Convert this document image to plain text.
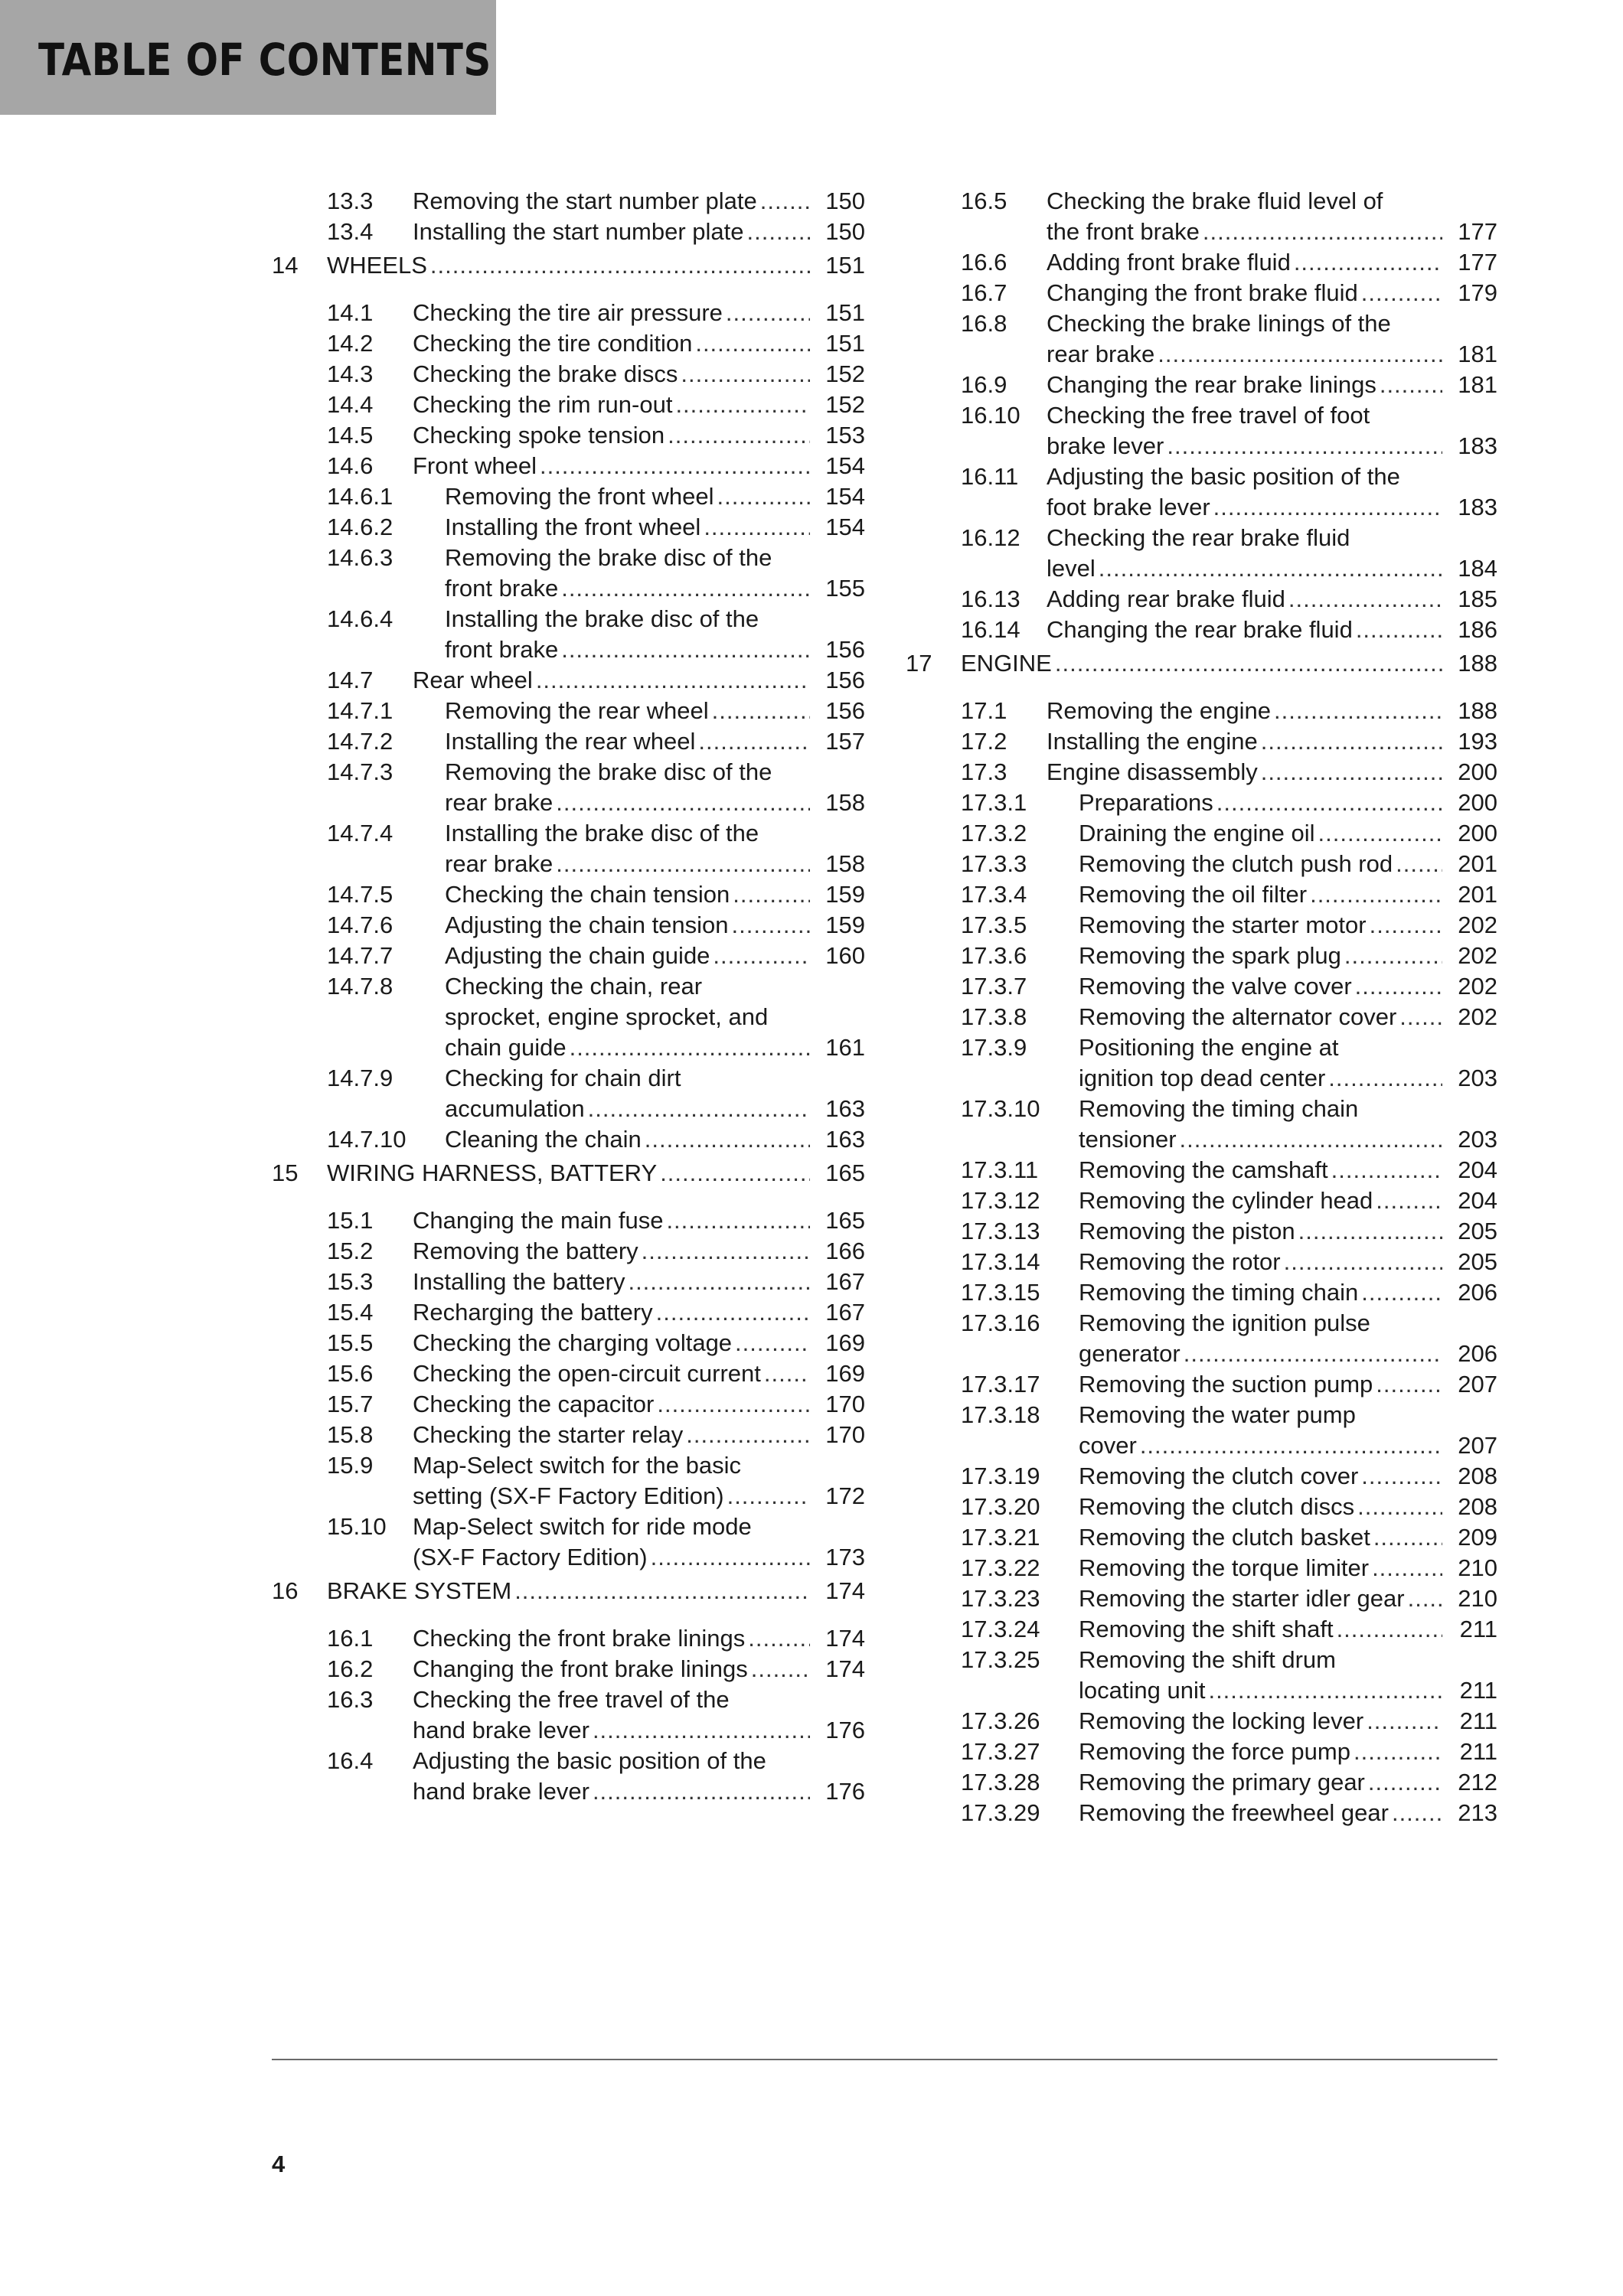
TABLE OF CONTENTS
13.3 Removing the start number plate .....	150
13.4 Installing the start number plate .....	150
14 WHEELS .....	151
14.1 Checking the tire air pressure .....	151
14.2 Checking the tire condition .....	151
14.3 Checking the brake discs .....	152
14.4 Checking the rim run-out .....	152
14.5 Checking spoke tension .....	153
14.6 Front wheel .....	154
14.6.1 Removing the front wheel .....	154
14.6.2 Installing the front wheel .....	154
14.6.3 Removing the brake disc of the
front brake .....	155
14.6.4 Installing the brake disc of the
front brake .....	156
14.7 Rear wheel .....	156
14.7.1 Removing the rear wheel .....	156
14.7.2 Installing the rear wheel .....	157
14.7.3 Removing the brake disc of the
rear brake .....	158
14.7.4 Installing the brake disc of the
rear brake .....	158
14.7.5 Checking the chain tension .....	159
14.7.6 Adjusting the chain tension .....	159
14.7.7 Adjusting the chain guide .....	160
14.7.8 Checking the chain, rear
sprocket, engine sprocket, and
chain guide .....	161
14.7.9 Checking for chain dirt
accumulation .....	163
14.7.10 Cleaning the chain .....	163
15 WIRING HARNESS, BATTERY .....	165
15.1 Changing the main fuse .....	165
15.2 Removing the battery .....	166
15.3 Installing the battery .....	167
15.4 Recharging the battery .....	167
15.5 Checking the charging voltage .....	169
15.6 Checking the open-circuit current .....	169
15.7 Checking the capacitor .....	170
15.8 Checking the starter relay .....	170
15.9 Map-Select switch for the basic
setting (SX-F Factory Edition) .....	172
15.10 Map-Select switch for ride mode
(SX-F Factory Edition) .....	173
16 BRAKE SYSTEM .....	174
16.1 Checking the front brake linings .....	174
16.2 Changing the front brake linings .....	174
16.3 Checking the free travel of the
hand brake lever .....	176
16.4 Adjusting the basic position of the
hand brake lever .....	176
16.5 Checking the brake fluid level of
the front brake .....	177
16.6 Adding front brake fluid .....	177
16.7 Changing the front brake fluid .....	179
16.8 Checking the brake linings of the
rear brake .....	181
16.9 Changing the rear brake linings .....	181
16.10 Checking the free travel of foot
brake lever .....	183
16.11 Adjusting the basic position of the
foot brake lever .....	183
16.12 Checking the rear brake fluid
level .....	184
16.13 Adding rear brake fluid .....	185
16.14 Changing the rear brake fluid .....	186
17 ENGINE .....	188
17.1 Removing the engine .....	188
17.2 Installing the engine .....	193
17.3 Engine disassembly .....	200
17.3.1 Preparations .....	200
17.3.2 Draining the engine oil .....	200
17.3.3 Removing the clutch push rod .....	201
17.3.4 Removing the oil filter .....	201
17.3.5 Removing the starter motor .....	202
17.3.6 Removing the spark plug .....	202
17.3.7 Removing the valve cover .....	202
17.3.8 Removing the alternator cover .....	202
17.3.9 Positioning the engine at
ignition top dead center .....	203
17.3.10 Removing the timing chain
tensioner .....	203
17.3.11 Removing the camshaft .....	204
17.3.12 Removing the cylinder head .....	204
17.3.13 Removing the piston .....	205
17.3.14 Removing the rotor .....	205
17.3.15 Removing the timing chain .....	206
17.3.16 Removing the ignition pulse
generator .....	206
17.3.17 Removing the suction pump .....	207
17.3.18 Removing the water pump
cover .....	207
17.3.19 Removing the clutch cover .....	208
17.3.20 Removing the clutch discs .....	208
17.3.21 Removing the clutch basket .....	209
17.3.22 Removing the torque limiter .....	210
17.3.23 Removing the starter idler gear .....	210
17.3.24 Removing the shift shaft .....	211
17.3.25 Removing the shift drum
locating unit .....	211
17.3.26 Removing the locking lever .....	211
17.3.27 Removing the force pump .....	211
17.3.28 Removing the primary gear .....	212
17.3.29 Removing the freewheel gear .....	213
4
